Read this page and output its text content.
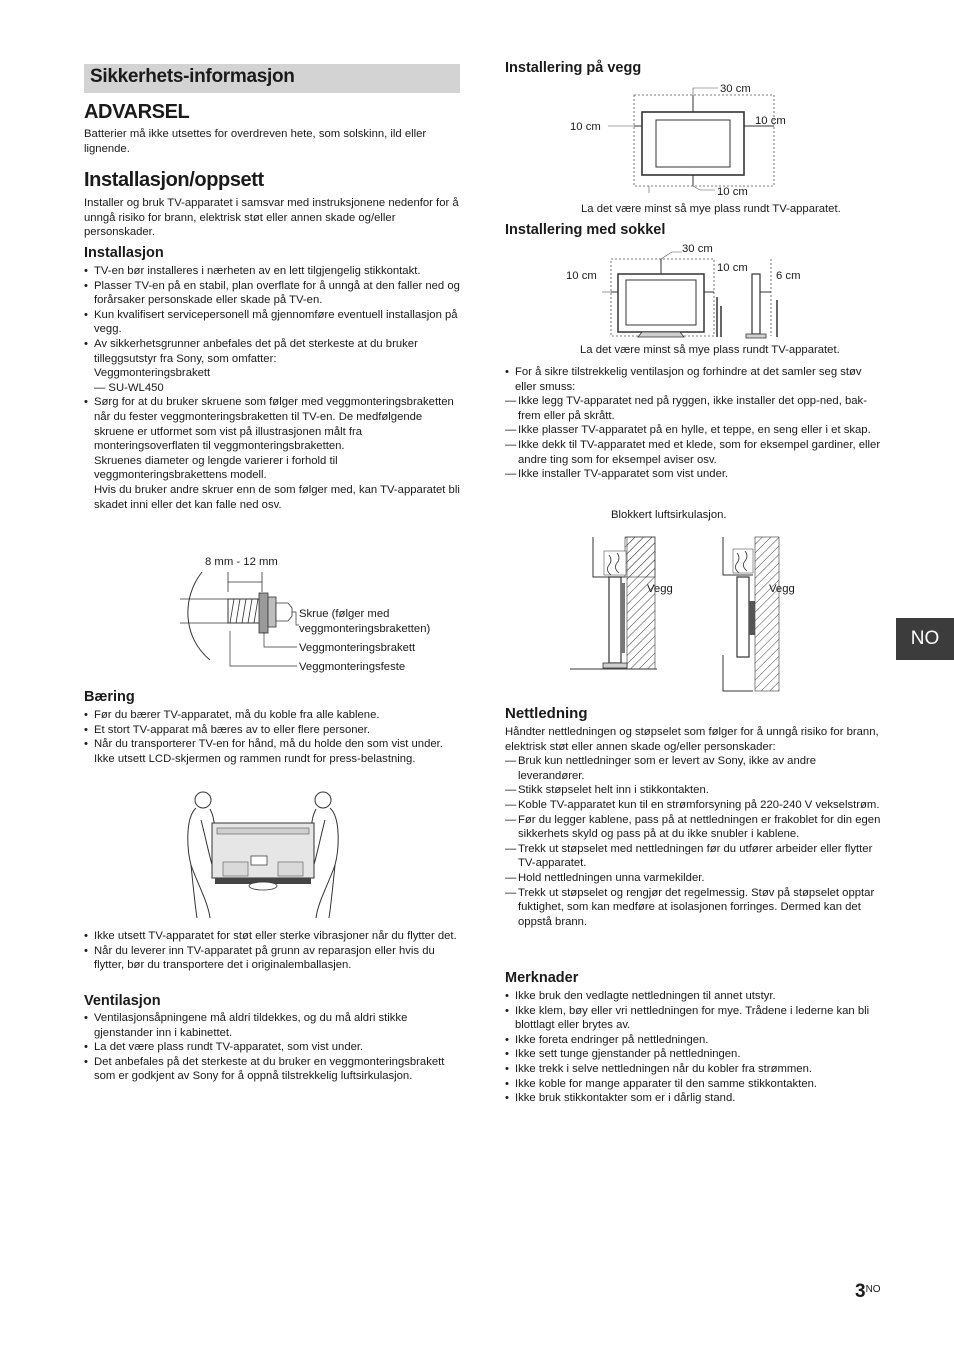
Sikkerhets-informasjon

ADVARSEL

Batterier må ikke utsettes for overdreven hete, som solskinn, ild eller lignende.

Installasjon/oppsett

Installer og bruk TV-apparatet i samsvar med instruksjonene nedenfor for å unngå risiko for brann, elektrisk støt eller annen skade og/eller personskader.

Installasjon

• TV-en bør installeres i nærheten av en lett tilgjengelig stikkontakt.
• Plasser TV-en på en stabil, plan overflate for å unngå at den faller ned og forårsaker personskade eller skade på TV-en.
• Kun kvalifisert servicepersonell må gjennomføre eventuell installasjon på vegg.
• Av sikkerhetsgrunner anbefales det på det sterkeste at du bruker tilleggsutstyr fra Sony, som omfatter:
Veggmonteringsbrakett
— SU-WL450
• Sørg for at du bruker skruene som følger med veggmonteringsbraketten når du fester veggmonteringsbraketten til TV-en. De medfølgende skruene er utformet som vist på illustrasjonen målt fra monteringsoverflaten til veggmonteringsbraketten.
Skruenes diameter og lengde varierer i forhold til veggmonteringsbrakettens modell.
Hvis du bruker andre skruer enn de som følger med, kan TV-apparatet bli skadet inni eller det kan falle ned osv.
8 mm - 12 mm
Skrue (følger med
veggmonteringsbraketten)
Veggmonteringsbrakett
Veggmonteringsfeste

Bæring

• Før du bærer TV-apparatet, må du koble fra alle kablene.
• Et stort TV-apparat må bæres av to eller flere personer.
• Når du transporterer TV-en for hånd, må du holde den som vist under. Ikke utsett LCD-skjermen og rammen rundt for press-belastning.
• Ikke utsett TV-apparatet for støt eller sterke vibrasjoner når du flytter det.
• Når du leverer inn TV-apparatet på grunn av reparasjon eller hvis du flytter, bør du transportere det i originalemballasjen.

Ventilasjon

• Ventilasjonsåpningene må aldri tildekkes, og du må aldri stikke gjenstander inn i kabinettet.
• La det være plass rundt TV-apparatet, som vist under.
• Det anbefales på det sterkeste at du bruker en veggmonteringsbrakett som er godkjent av Sony for å oppnå tilstrekkelig luftsirkulasjon.

Installering på vegg

30 cm
10 cm	10 cm
10 cm
La det være minst så mye plass rundt TV-apparatet.

Installering med sokkel

30 cm
10 cm
10 cm
6 cm
La det være minst så mye plass rundt TV-apparatet.
• For å sikre tilstrekkelig ventilasjon og forhindre at det samler seg støv eller smuss:
— Ikke legg TV-apparatet ned på ryggen, ikke installer det opp-ned, bak-frem eller på skrått.
— Ikke plasser TV-apparatet på en hylle, et teppe, en seng eller i et skap.
— Ikke dekk til TV-apparatet med et klede, som for eksempel gardiner, eller andre ting som for eksempel aviser osv.
— Ikke installer TV-apparatet som vist under.
Blokkert luftsirkulasjon.
Vegg	Vegg

Nettledning

Håndter nettledningen og støpselet som følger for å unngå risiko for brann, elektrisk støt eller annen skade og/eller personskader:

— Bruk kun nettledninger som er levert av Sony, ikke av andre leverandører.
— Stikk støpselet helt inn i stikkontakten.
— Koble TV-apparatet kun til en strømforsyning på 220-240 V vekselstrøm.
— Før du legger kablene, pass på at nettledningen er frakoblet for din egen sikkerhets skyld og pass på at du ikke snubler i kablene.
— Trekk ut støpselet med nettledningen før du utfører arbeider eller flytter TV-apparatet.
— Hold nettledningen unna varmekilder.
— Trekk ut støpselet og rengjør det regelmessig. Støv på støpselet opptar fuktighet, som kan medføre at isolasjonen forringes. Dermed kan det oppstå brann.

Merknader

• Ikke bruk den vedlagte nettledningen til annet utstyr.
• Ikke klem, bøy eller vri nettledningen for mye. Trådene i lederne kan bli blottlagt eller brytes av.
• Ikke foreta endringer på nettledningen.
• Ikke sett tunge gjenstander på nettledningen.
• Ikke trekk i selve nettledningen når du kobler fra strømmen.
• Ikke koble for mange apparater til den samme stikkontakten.
• Ikke bruk stikkontakter som er i dårlig stand.
NO
$3^{NO}$
